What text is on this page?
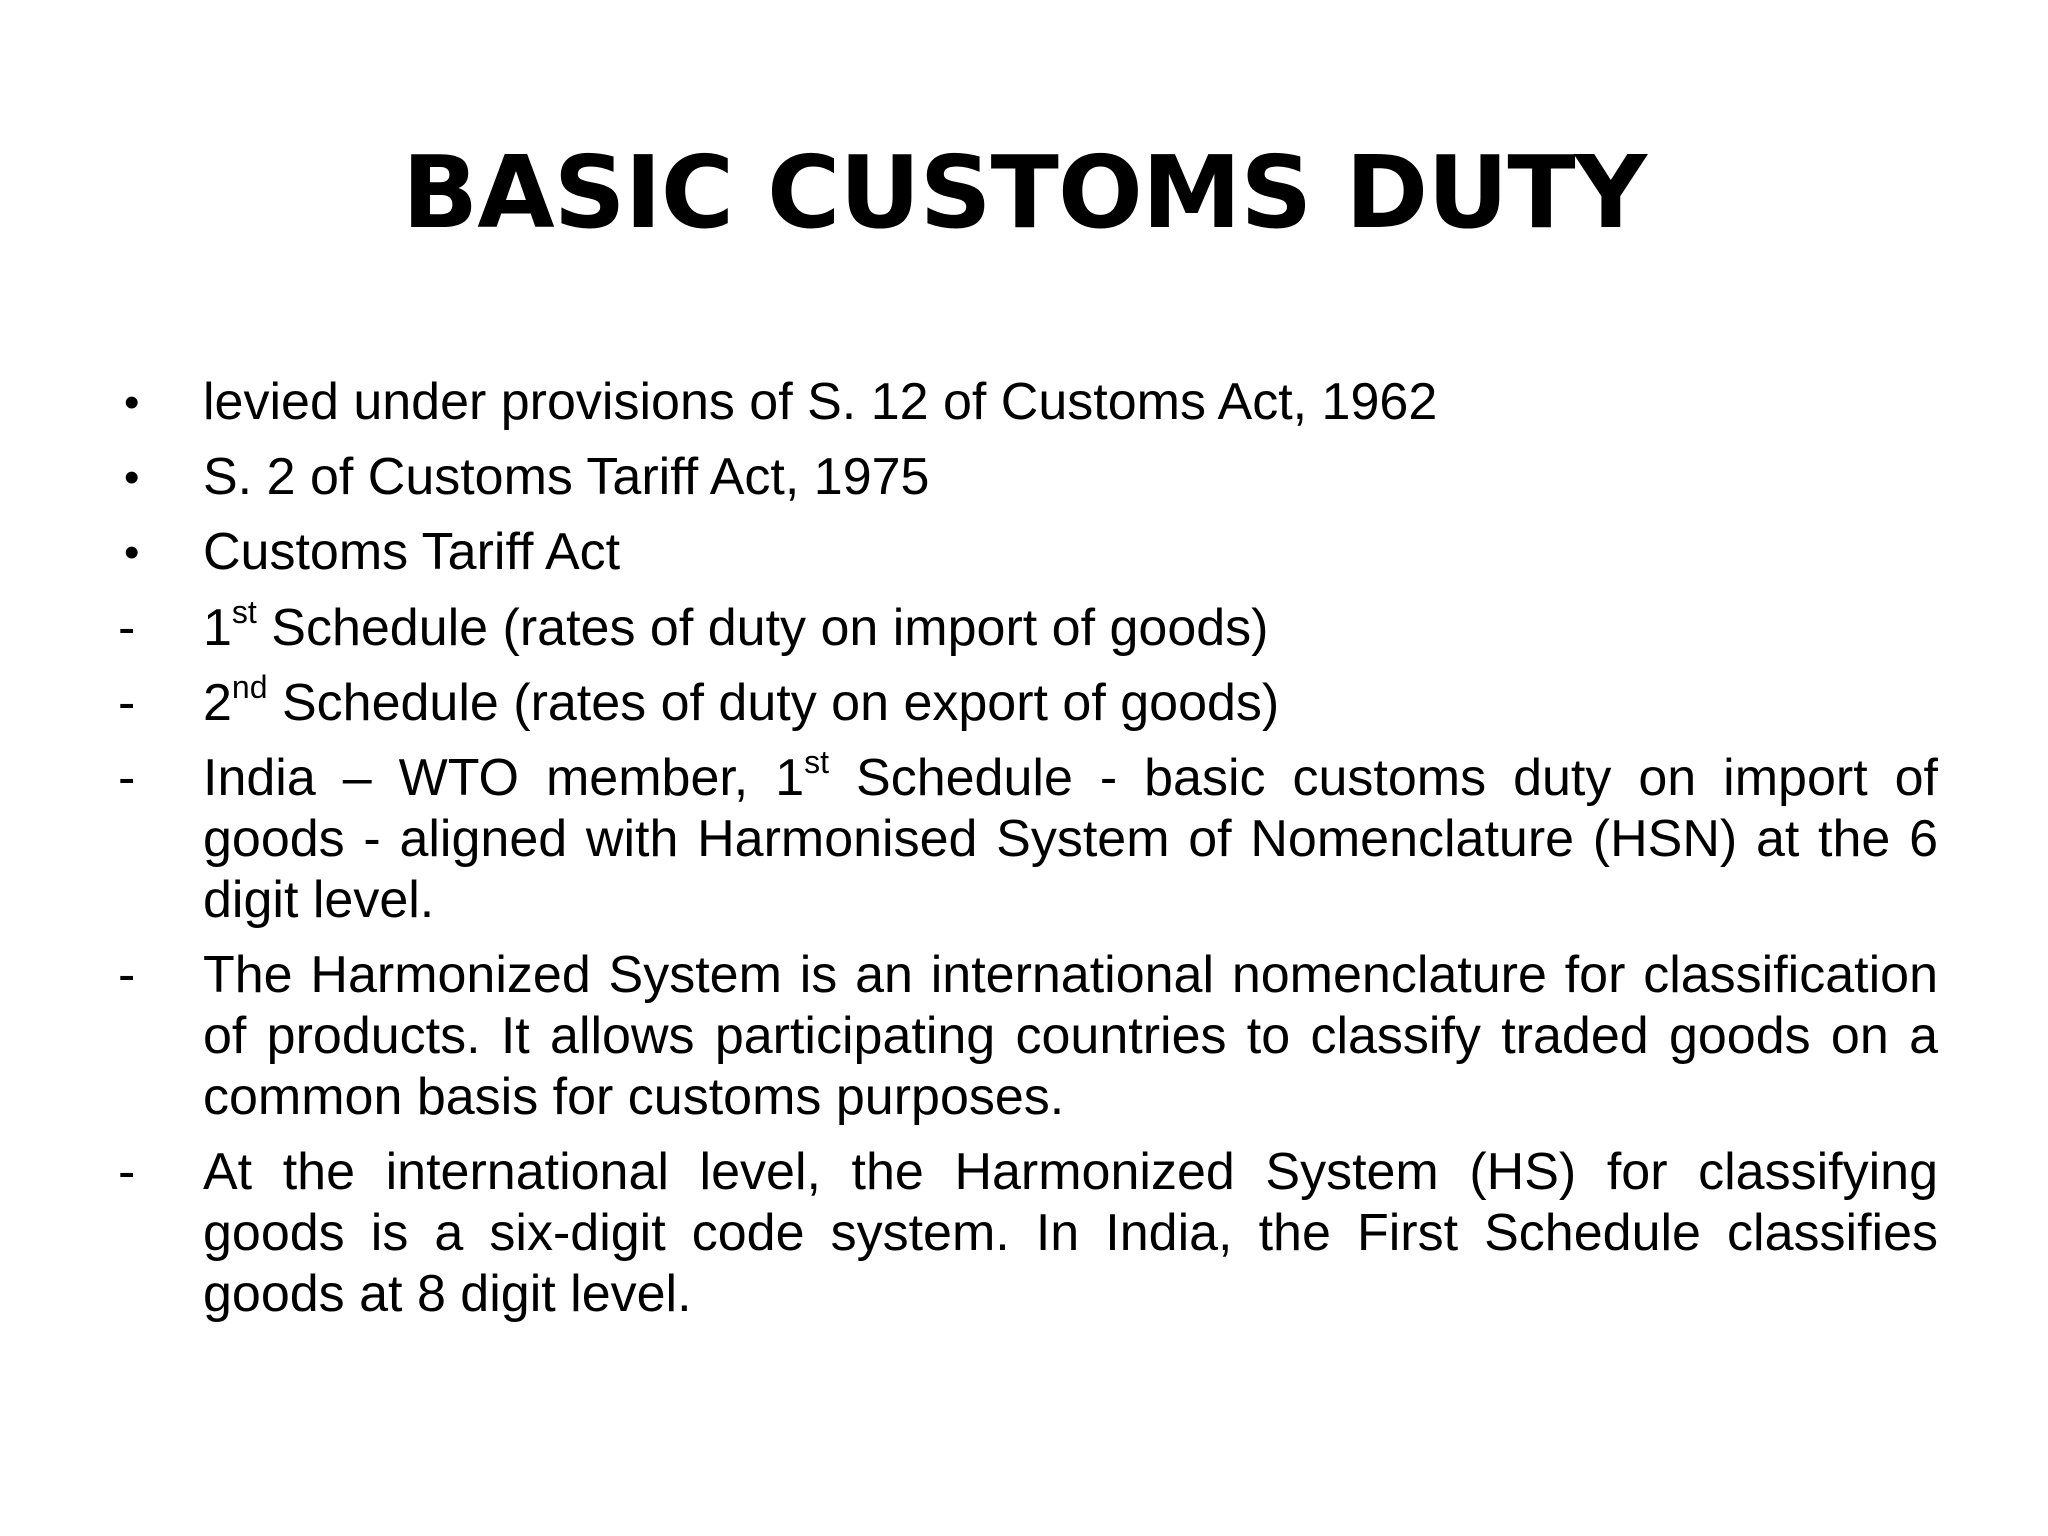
BASIC CUSTOMS DUTY
•	levied under provisions of S. 12 of Customs Act, 1962
•	S. 2 of Customs Tariff Act, 1975
•	Customs Tariff Act
-	1st Schedule (rates of duty on import of goods)
-	2nd Schedule (rates of duty on export of goods)
-	India – WTO member, 1st Schedule - basic customs duty on import of goods - aligned with Harmonised System of Nomenclature (HSN) at the 6 digit level.
-	The Harmonized System is an international nomenclature for classification of products. It allows participating countries to classify traded goods on a common basis for customs purposes.
-	At the international level, the Harmonized System (HS) for classifying goods is a six-digit code system. In India, the First Schedule classifies goods at 8 digit level.
